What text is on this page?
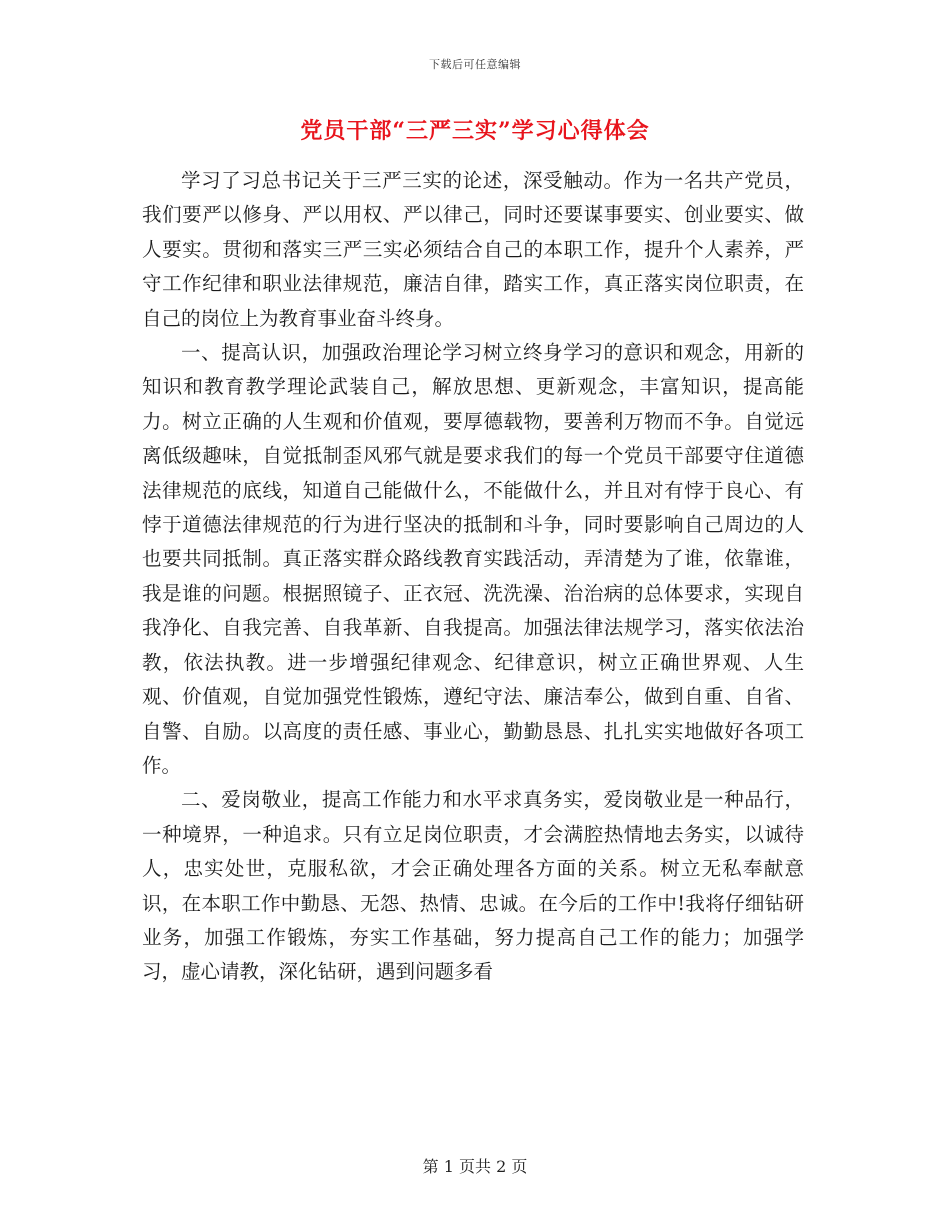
下载后可任意编辑
党员干部“三严三实”学习心得体会

学习了习总书记关于三严三实的论述，深受触动。作为一名共产党员，我们要严以修身、严以用权、严以律己，同时还要谋事要实、创业要实、做人要实。贯彻和落实三严三实必须结合自己的本职工作，提升个人素养，严守工作纪律和职业法律规范，廉洁自律，踏实工作，真正落实岗位职责，在自己的岗位上为教育事业奋斗终身。

一、提高认识，加强政治理论学习树立终身学习的意识和观念，用新的知识和教育教学理论武装自己，解放思想、更新观念，丰富知识，提高能力。树立正确的人生观和价值观，要厚德载物，要善利万物而不争。自觉远离低级趣味，自觉抵制歪风邪气就是要求我们的每一个党员干部要守住道德法律规范的底线，知道自己能做什么，不能做什么，并且对有悖于良心、有悖于道德法律规范的行为进行坚决的抵制和斗争，同时要影响自己周边的人也要共同抵制。真正落实群众路线教育实践活动，弄清楚为了谁，依靠谁，我是谁的问题。根据照镜子、正衣冠、洗洗澡、治治病的总体要求，实现自我净化、自我完善、自我革新、自我提高。加强法律法规学习，落实依法治教，依法执教。进一步增强纪律观念、纪律意识，树立正确世界观、人生观、价值观，自觉加强党性锻炼，遵纪守法、廉洁奉公，做到自重、自省、自警、自励。以高度的责任感、事业心，勤勤恳恳、扎扎实实地做好各项工作。

二、爱岗敬业，提高工作能力和水平求真务实，爱岗敬业是一种品行，一种境界，一种追求。只有立足岗位职责，才会满腔热情地去务实，以诚待人，忠实处世，克服私欲，才会正确处理各方面的关系。树立无私奉献意识，在本职工作中勤恳、无怨、热情、忠诚。在今后的工作中!我将仔细钻研业务，加强工作锻炼，夯实工作基础，努力提高自己工作的能力；加强学习，虚心请教，深化钻研，遇到问题多看

第 1 页共 2 页
